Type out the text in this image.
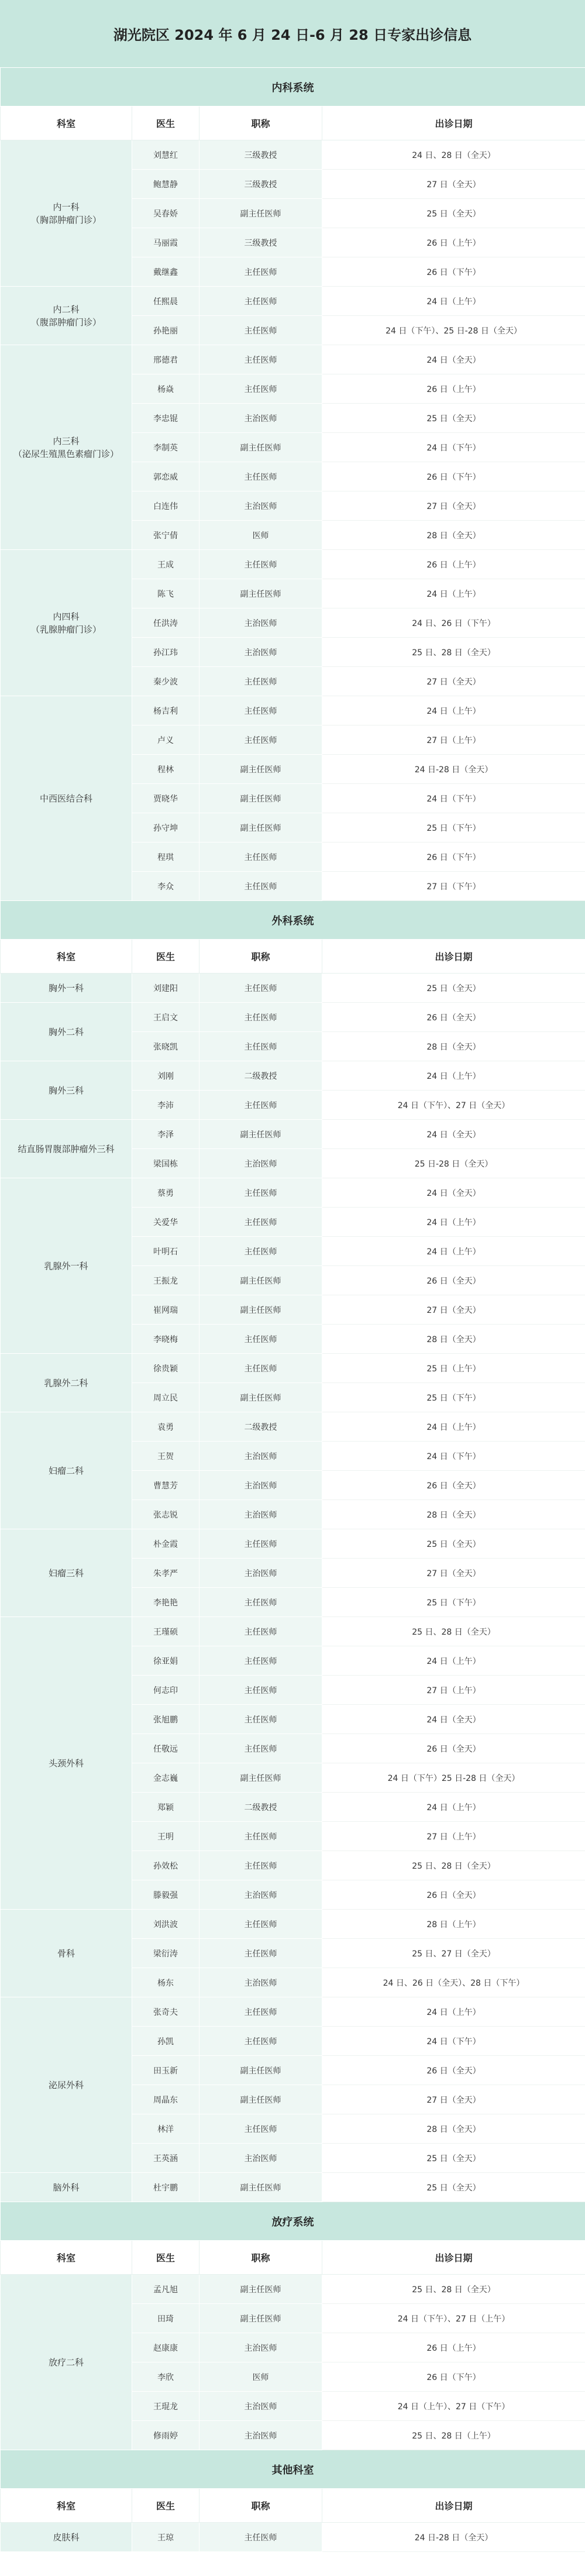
湖光院区 2024 年 6 月 24 日-6 月 28 日专家出诊信息
内科系统			
科室	医生	职称	出诊日期
内一科
（胸部肿瘤门诊）	刘慧红	三级教授	24 日、28 日（全天）
	鲍慧静	三级教授	27 日（全天）
	吴春娇	副主任医师	25 日（全天）
	马丽霞	三级教授	26 日（上午）
	戴继鑫	主任医师	26 日（下午）
内二科
（腹部肿瘤门诊）	任熙晨	主任医师	24 日（上午）
	孙艳丽	主任医师	24 日（下午）、25 日-28 日（全天）
内三科
（泌尿生殖黑色素瘤门诊）	邢德君	主任医师	24 日（全天）
	杨焱	主任医师	26 日（上午）
	李忠锟	主治医师	25 日（全天）
	李制英	副主任医师	24 日（下午）
	郭恋威	主任医师	26 日（下午）
	白连伟	主治医师	27 日（全天）
	张宁倩	医师	28 日（全天）
内四科
（乳腺肿瘤门诊）	王成	主任医师	26 日（上午）
	陈飞	副主任医师	24 日（上午）
	任洪涛	主治医师	24 日、26 日（下午）
	孙江玮	主治医师	25 日、28 日（全天）
	秦少波	主任医师	27 日（全天）
中西医结合科	杨吉利	主任医师	24 日（上午）
	卢义	主任医师	27 日（上午）
	程林	副主任医师	24 日-28 日（全天）
	贾晓华	副主任医师	24 日（下午）
	孙守坤	副主任医师	25 日（下午）
	程琪	主任医师	26 日（下午）
	李众	主任医师	27 日（下午）
外科系统			
科室	医生	职称	出诊日期
胸外一科	刘建阳	主任医师	25 日（全天）
胸外二科	王启文	主任医师	26 日（全天）
	张晓凯	主任医师	28 日（全天）
胸外三科	刘刚	二级教授	24 日（上午）
	李沛	主任医师	24 日（下午）、27 日（全天）
结直肠胃腹部肿瘤外三科	李泽	副主任医师	24 日（全天）
	梁国栋	主治医师	25 日-28 日（全天）
乳腺外一科	蔡勇	主任医师	24 日（全天）
	关爱华	主任医师	24 日（上午）
	叶明石	主任医师	24 日（上午）
	王振龙	副主任医师	26 日（全天）
	崔网瑞	副主任医师	27 日（全天）
	李晓梅	主任医师	28 日（全天）
乳腺外二科	徐贵颖	主任医师	25 日（上午）
	周立民	副主任医师	25 日（下午）
妇瘤二科	袁勇	二级教授	24 日（上午）
	王贺	主治医师	24 日（下午）
	曹慧芳	主治医师	26 日（全天）
	张志锐	主治医师	28 日（全天）
妇瘤三科	朴金霞	主任医师	25 日（全天）
	朱孝严	主治医师	27 日（全天）
	李艳艳	主任医师	25 日（下午）
头颈外科	王瑾硕	主任医师	25 日、28 日（全天）
	徐亚娟	主任医师	24 日（上午）
	何志印	主任医师	27 日（上午）
	张旭鹏	主任医师	24 日（全天）
	任敬远	主任医师	26 日（全天）
	金志巍	副主任医师	24 日（下午）25 日-28 日（全天）
	郑颖	二级教授	24 日（上午）
	王明	主任医师	27 日（上午）
	孙效松	主任医师	25 日、28 日（全天）
	滕毅强	主治医师	26 日（全天）
骨科	刘洪波	主任医师	28 日（上午）
	梁衍涛	主任医师	25 日、27 日（全天）
	杨东	主治医师	24 日、26 日（全天）、28 日（下午）
泌尿外科	张奇夫	主任医师	24 日（上午）
	孙凯	主任医师	24 日（下午）
	田玉新	副主任医师	26 日（全天）
	周晶东	副主任医师	27 日（全天）
	林洋	主任医师	28 日（全天）
	王英涵	主治医师	25 日（全天）
脑外科	杜宇鹏	副主任医师	25 日（全天）
放疗系统			
科室	医生	职称	出诊日期
放疗二科	孟凡旭	副主任医师	25 日、28 日（全天）
	田琦	副主任医师	24 日（下午）、27 日（上午）
	赵康康	主治医师	26 日（上午）
	李欣	医师	26 日（下午）
	王琨龙	主治医师	24 日（上午）、27 日（下午）
	修雨婷	主治医师	25 日、28 日（上午）
其他科室			
科室	医生	职称	出诊日期
皮肤科	王琼	主任医师	24 日-28 日（全天）
